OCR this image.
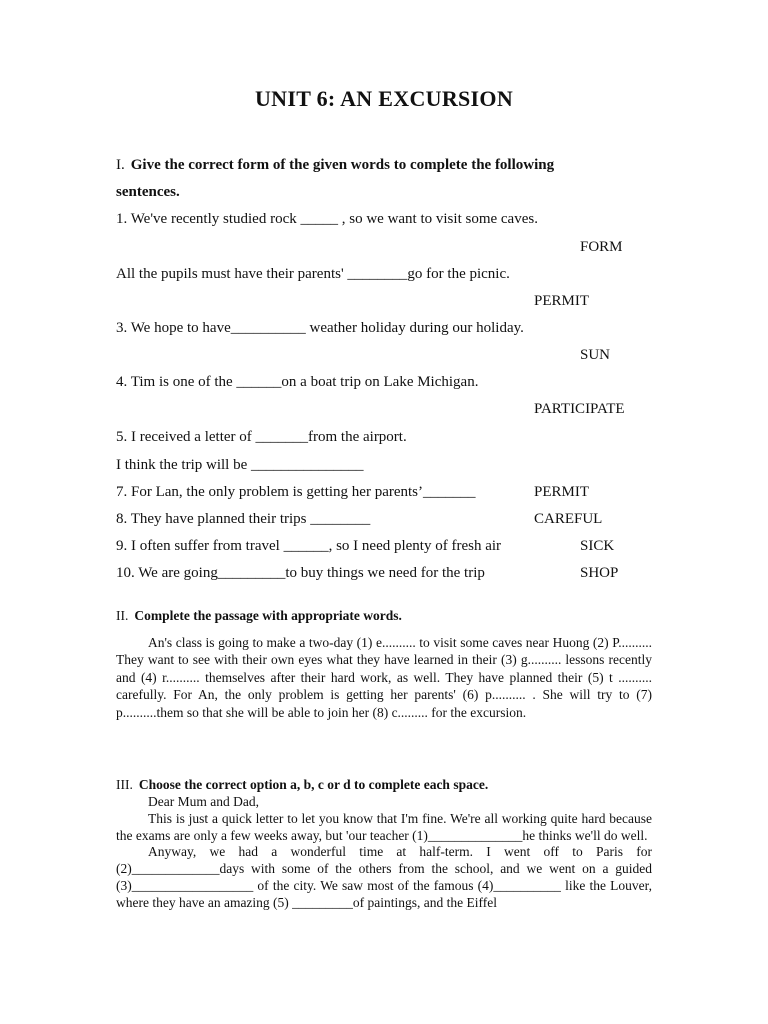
UNIT 6: AN EXCURSION
I. Give the correct form of the given words to complete the following
sentences.
1. We've recently studied rock _____ , so we want to visit some caves.
FORM
All the pupils must have their parents' ________go for the picnic.
PERMIT
3. We hope to have__________ weather holiday during our holiday.
SUN
4. Tim is one of the ______on a boat trip on Lake Michigan.
PARTICIPATE
5. I received a letter of _______from the airport.
I think the trip will be _______________
7. For Lan, the only problem is getting her parents’_______	PERMIT
8. They have planned their trips ________	CAREFUL
9. I often suffer from travel ______, so I need plenty of fresh air	SICK
10. We are going_________to buy things we need for the trip	SHOP
II. Complete the passage with appropriate words.

An's class is going to make a two-day (1) e.......... to visit some caves near Huong (2) P.......... They want to see with their own eyes what they have learned in their (3) g.......... lessons recently and (4) r.......... themselves after their hard work, as well. They have planned their (5) t .......... carefully. For An, the only problem is getting her parents' (6) p.......... . She will try to (7) p..........them so that she will be able to join her (8) c......... for the excursion.

III. Choose the correct option a, b, c or d to complete each space.

Dear Mum and Dad,

This is just a quick letter to let you know that I'm fine. We're all working quite hard because the exams are only a few weeks away, but 'our teacher (1)______________he thinks we'll do well.

Anyway, we had a wonderful time at half-term. I went off to Paris for (2)_____________days with some of the others from the school, and we went on a guided (3)__________________ of the city. We saw most of the famous (4)__________ like the Louver, where they have an amazing (5) _________of paintings, and the Eiffel
